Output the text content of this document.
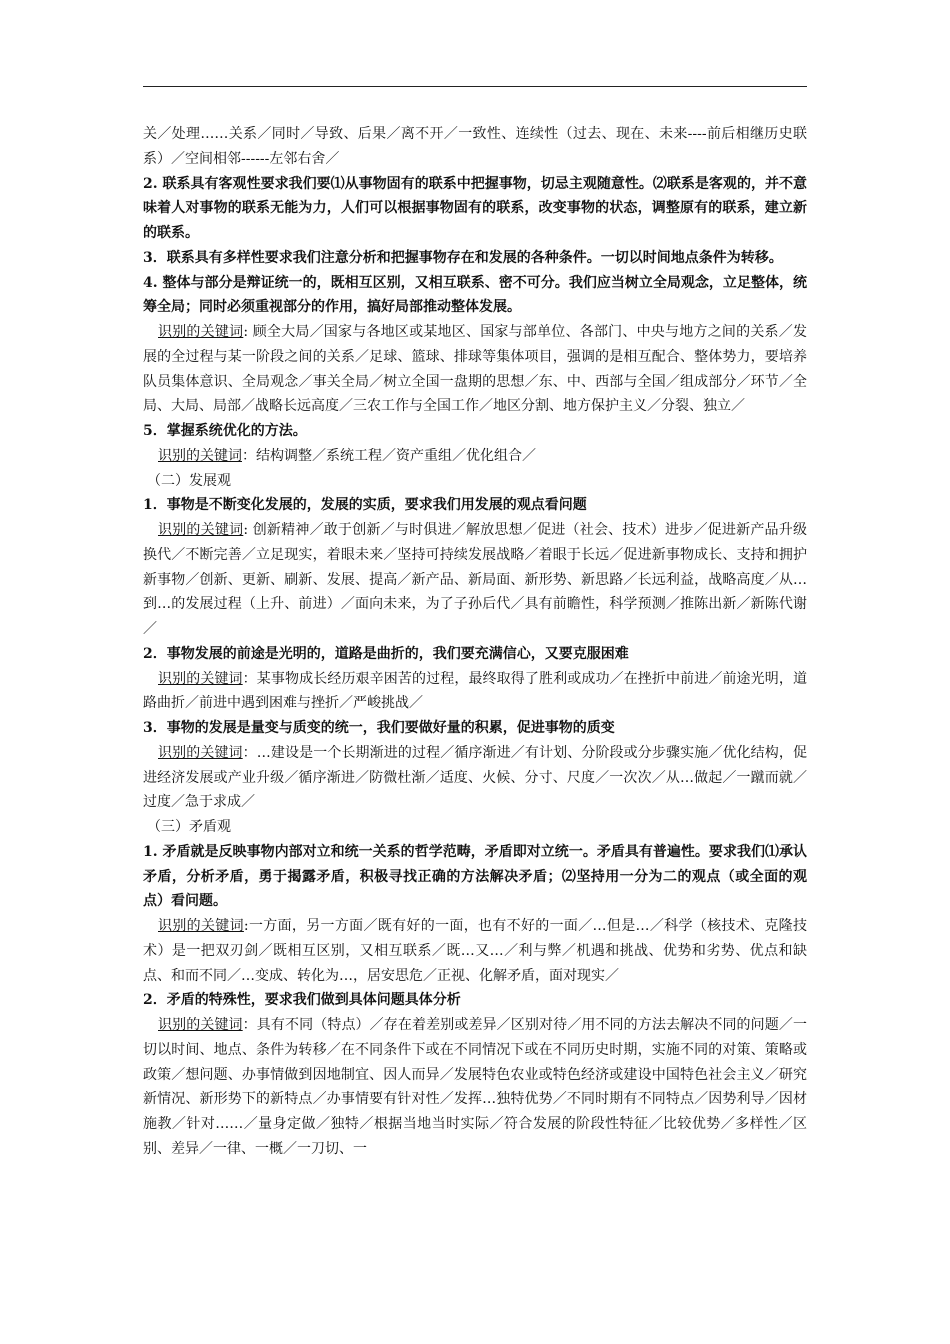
关／处理……关系／同时／导致、后果／离不开／一致性、连续性（过去、现在、未来----前后相继历史联系）／空间相邻------左邻右舍／

2. 联系具有客观性要求我们要⑴从事物固有的联系中把握事物，切忌主观随意性。⑵联系是客观的，并不意味着人对事物的联系无能为力，人们可以根据事物固有的联系，改变事物的状态，调整原有的联系，建立新的联系。

3．联系具有多样性要求我们注意分析和把握事物存在和发展的各种条件。一切以时间地点条件为转移。

4. 整体与部分是辩证统一的，既相互区别，又相互联系、密不可分。我们应当树立全局观念，立足整体，统筹全局；同时必须重视部分的作用，搞好局部推动整体发展。

识别的关键词: 顾全大局／国家与各地区或某地区、国家与部单位、各部门、中央与地方之间的关系／发展的全过程与某一阶段之间的关系／足球、篮球、排球等集体项目，强调的是相互配合、整体势力，要培养队员集体意识、全局观念／事关全局／树立全国一盘期的思想／东、中、西部与全国／组成部分／环节／全局、大局、局部／战略长远高度／三农工作与全国工作／地区分割、地方保护主义／分裂、独立／

5．掌握系统优化的方法。

识别的关键词：结构调整／系统工程／资产重组／优化组合／

（二）发展观

1．事物是不断变化发展的，发展的实质，要求我们用发展的观点看问题

识别的关键词: 创新精神／敢于创新／与时俱进／解放思想／促进（社会、技术）进步／促进新产品升级换代／不断完善／立足现实，着眼未来／坚持可持续发展战略／着眼于长远／促进新事物成长、支持和拥护新事物／创新、更新、刷新、发展、提高／新产品、新局面、新形势、新思路／长远利益，战略高度／从…到…的发展过程（上升、前进）／面向未来，为了子孙后代／具有前瞻性，科学预测／推陈出新／新陈代谢／

2．事物发展的前途是光明的，道路是曲折的，我们要充满信心，又要克服困难

识别的关键词：某事物成长经历艰辛困苦的过程，最终取得了胜利或成功／在挫折中前进／前途光明，道路曲折／前进中遇到困难与挫折／严峻挑战／

3．事物的发展是量变与质变的统一，我们要做好量的积累，促进事物的质变

识别的关键词：…建设是一个长期渐进的过程／循序渐进／有计划、分阶段或分步骤实施／优化结构，促进经济发展或产业升级／循序渐进／防微杜渐／适度、火候、分寸、尺度／一次次／从…做起／一蹴而就／过度／急于求成／

（三）矛盾观

1. 矛盾就是反映事物内部对立和统一关系的哲学范畴，矛盾即对立统一。矛盾具有普遍性。要求我们⑴承认矛盾，分析矛盾，勇于揭露矛盾，积极寻找正确的方法解决矛盾；⑵坚持用一分为二的观点（或全面的观点）看问题。

识别的关键词:一方面，另一方面／既有好的一面，也有不好的一面／…但是…／科学（核技术、克隆技术）是一把双刃剑／既相互区别，又相互联系／既…又…／利与弊／机遇和挑战、优势和劣势、优点和缺点、和而不同／…变成、转化为…，居安思危／正视、化解矛盾，面对现实／

2．矛盾的特殊性，要求我们做到具体问题具体分析

识别的关键词：具有不同（特点）／存在着差别或差异／区别对待／用不同的方法去解决不同的问题／一切以时间、地点、条件为转移／在不同条件下或在不同情况下或在不同历史时期，实施不同的对策、策略或政策／想问题、办事情做到因地制宜、因人而异／发展特色农业或特色经济或建设中国特色社会主义／研究新情况、新形势下的新特点／办事情要有针对性／发挥…独特优势／不同时期有不同特点／因势利导／因材施教／针对……／量身定做／独特／根据当地当时实际／符合发展的阶段性特征／比较优势／多样性／区别、差异／一律、一概／一刀切、一
